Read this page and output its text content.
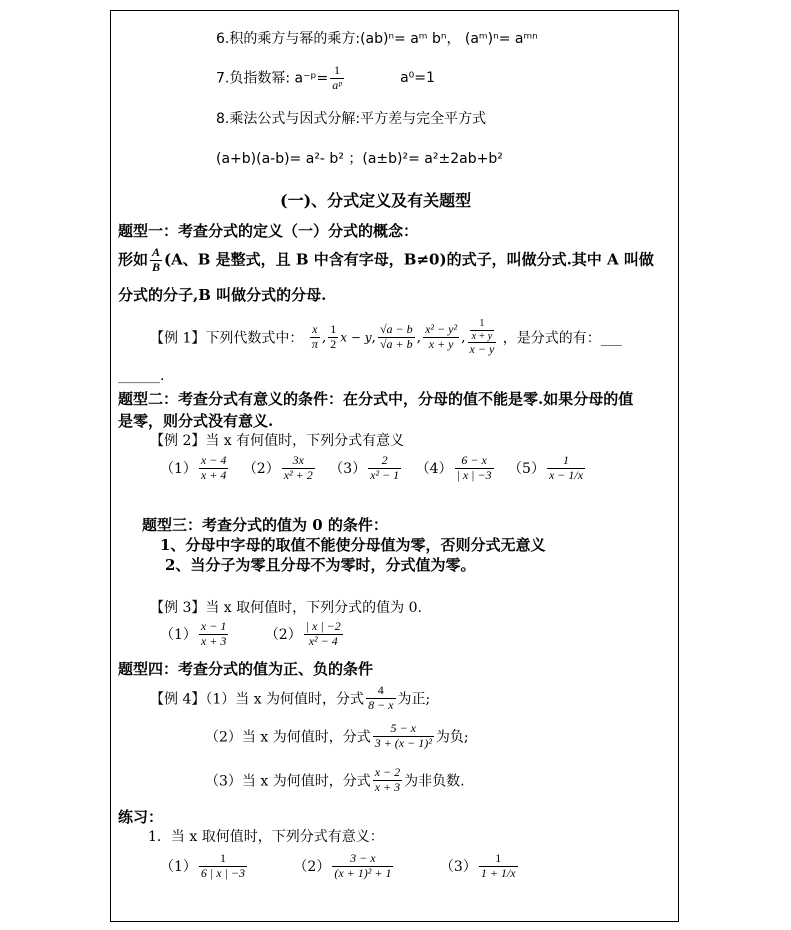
6.积的乘方与幂的乘方:(ab)ⁿ= aᵐ bⁿ， (aᵐ)ⁿ= aᵐⁿ
7.负指数幂: a⁻ᵖ= $\frac{1}{\text{aᵖ}}$	a⁰=1
8.乘法公式与因式分解:平方差与完全平方式
(a+b)(a-b)= a²- b² ；(a±b)²= a²±2ab+b²
(一)、分式定义及有关题型
题型一：考查分式的定义（一）分式的概念：
形如 $\frac{A}{B} (A$、B 是整式，且 B 中含有字母，B≠0)的式子，叫做分式.其中 A 叫做
分式的分子,B 叫做分式的分母.
【例 1】下列代数式中： $\frac{x}{\pi}$ , $\frac{1}{2}$ x − y, $\frac{√a - b}{√a + b}$ , $\frac{\text{x² − y²}}{x + y}$ , $\frac{\frac{1}{x + y}}{x - y}$ ，是分式的有：___
______.
题型二：考查分式有意义的条件：在分式中，分母的值不能是零.如果分母的值
是零，则分式没有意义.
【例 2】当 x 有何值时，下列分式有意义
$(1) \frac{x - 4}{x + 4} (2) \frac{3x}{\text{x² + 2}} (3) \frac{2}{\text{x² − 1}} (4) \frac{6 - x}{| x | -3} (5) \frac{1}{x - 1/x}$
题型三：考查分式的值为 0 的条件：
1、分母中字母的取值不能使分母值为零，否则分式无意义
2、当分子为零且分母不为零时，分式值为零。
【例 3】当 x 取何值时，下列分式的值为 0.
$(1) \frac{x - 1}{x + 3}$	$(2) \frac{| x | -2}{\text{x² − 4}}$
题型四：考查分式的值为正、负的条件
【例 4】（1）当 x 为何值时，分式 $\frac{4}{8 - x}$ 为正;
（2）当 x 为何值时，分式 $\frac{5 - x}{\text{3 + (x − 1)²}}$ 为负;
（3）当 x 为何值时，分式 $\frac{x - 2}{x + 3}$ 为非负数.
练习：
1．当 x 取何值时，下列分式有意义：
$(1) \frac{1}{6 | x | -3}$	$(2) \frac{3 - x}{\text{(x + 1)² + 1}}$	$(3) \frac{1}{1 + 1/x}$
